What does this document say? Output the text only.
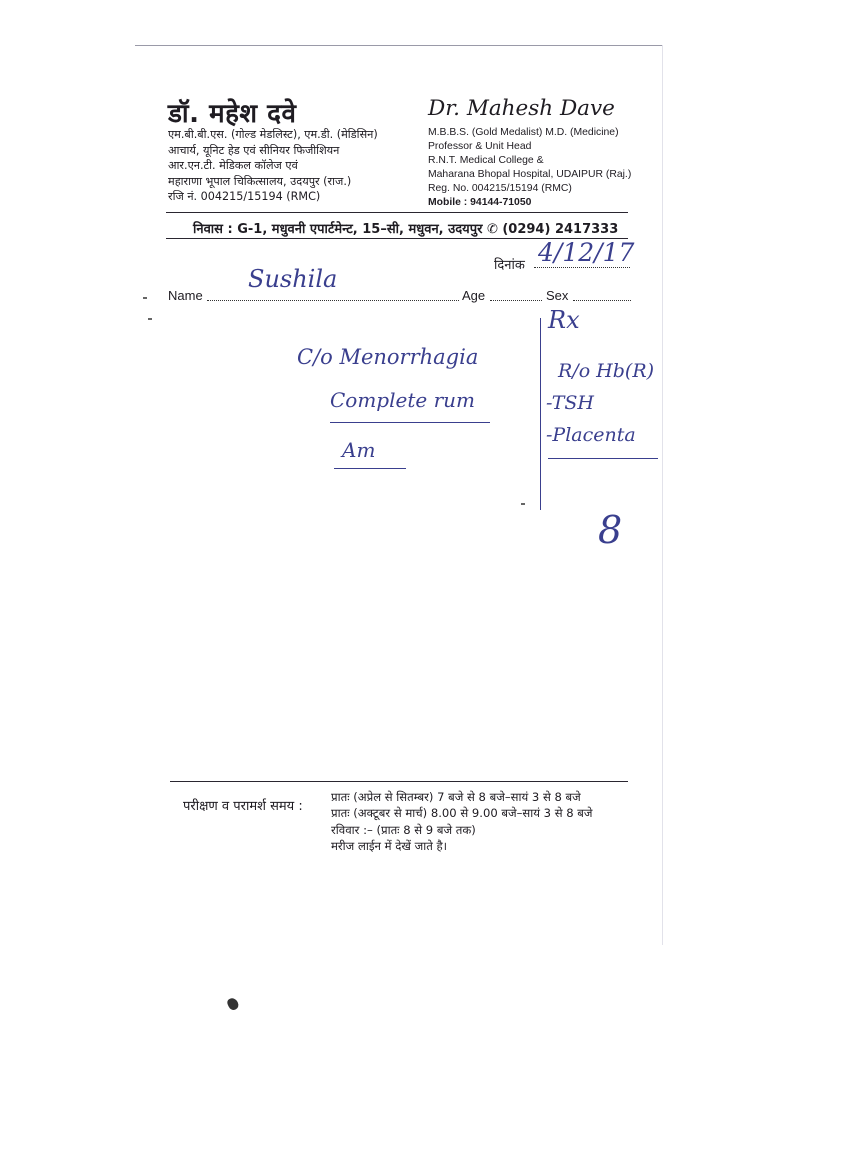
डॉ. महेश दवे
एम.बी.बी.एस. (गोल्ड मेडलिस्ट), एम.डी. (मेडिसिन)
आचार्य, यूनिट हेड एवं सीनियर फिजीशियन
आर.एन.टी. मेडिकल कॉलेज एवं
महाराणा भूपाल चिकित्सालय, उदयपुर (राज.)
रजि नं. 004215/15194 (RMC)
Dr. Mahesh Dave
M.B.B.S. (Gold Medalist) M.D. (Medicine)
Professor & Unit Head
R.N.T. Medical College &
Maharana Bhopal Hospital, UDAIPUR (Raj.)
Reg. No. 004215/15194 (RMC)
Mobile : 94144-71050
निवास : G-1, मधुवनी एपार्टमेन्ट, 15–सी, मधुवन, उदयपुर ✆ (0294) 2417333
दिनांक 4/12/17
Name
Sushila
Age	Sex
C/o Menorrhagia
Complete rum
Am
Rx
R/o Hb(R)
-TSH
-Placenta
8
परीक्षण व परामर्श समय :
प्रातः (अप्रेल से सितम्बर) 7 बजे से 8 बजे–सायं 3 से 8 बजे
प्रातः (अक्टूबर से मार्च) 8.00 से 9.00 बजे–सायं 3 से 8 बजे
रविवार :– (प्रातः 8 से 9 बजे तक)
मरीज लाईन में देखें जाते है।
